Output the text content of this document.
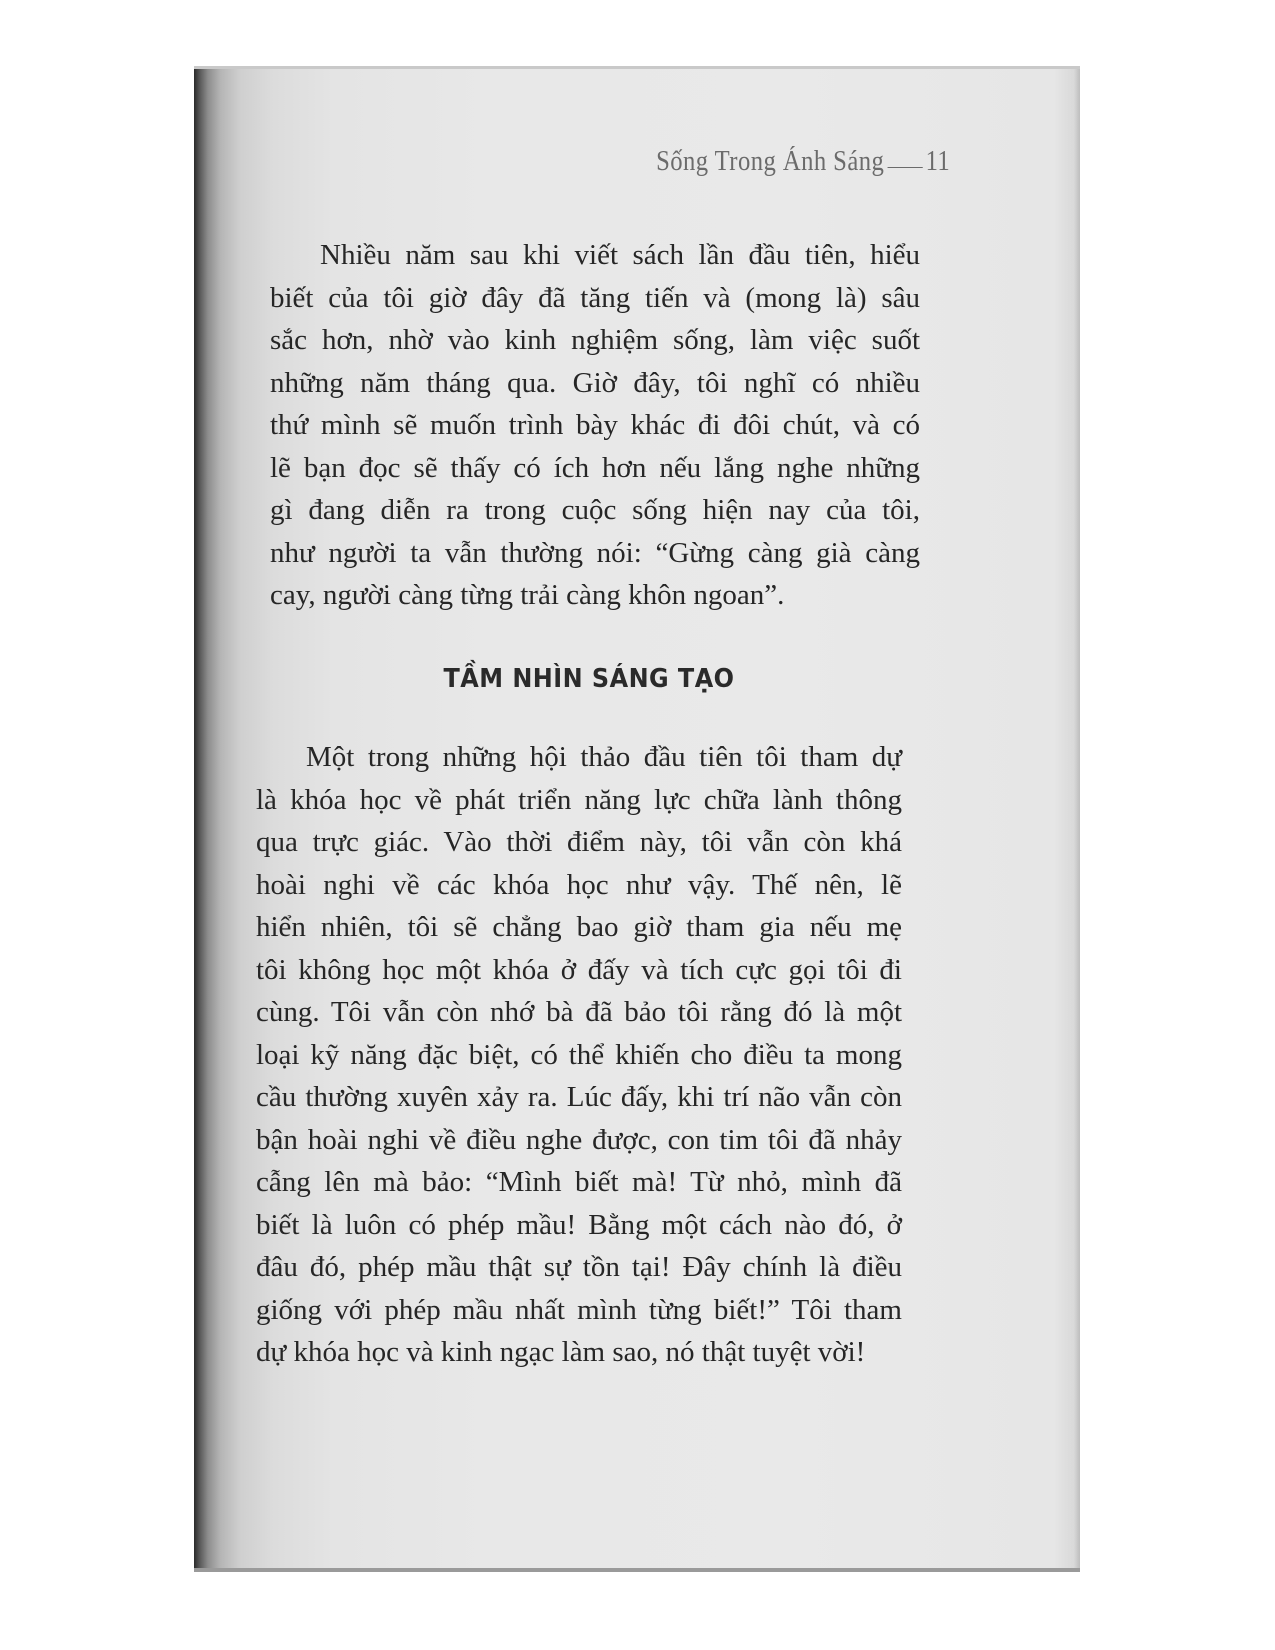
Sống Trong Ánh Sáng 11
Nhiều năm sau khi viết sách lần đầu tiên, hiểu
biết của tôi giờ đây đã tăng tiến và (mong là) sâu
sắc hơn, nhờ vào kinh nghiệm sống, làm việc suốt
những năm tháng qua. Giờ đây, tôi nghĩ có nhiều
thứ mình sẽ muốn trình bày khác đi đôi chút, và có
lẽ bạn đọc sẽ thấy có ích hơn nếu lắng nghe những
gì đang diễn ra trong cuộc sống hiện nay của tôi,
như người ta vẫn thường nói: “Gừng càng già càng
cay, người càng từng trải càng khôn ngoan”.
TẦM NHÌN SÁNG TẠO
Một trong những hội thảo đầu tiên tôi tham dự
là khóa học về phát triển năng lực chữa lành thông
qua trực giác. Vào thời điểm này, tôi vẫn còn khá
hoài nghi về các khóa học như vậy. Thế nên, lẽ
hiển nhiên, tôi sẽ chẳng bao giờ tham gia nếu mẹ
tôi không học một khóa ở đấy và tích cực gọi tôi đi
cùng. Tôi vẫn còn nhớ bà đã bảo tôi rằng đó là một
loại kỹ năng đặc biệt, có thể khiến cho điều ta mong
cầu thường xuyên xảy ra. Lúc đấy, khi trí não vẫn còn
bận hoài nghi về điều nghe được, con tim tôi đã nhảy
cẫng lên mà bảo: “Mình biết mà! Từ nhỏ, mình đã
biết là luôn có phép mầu! Bằng một cách nào đó, ở
đâu đó, phép mầu thật sự tồn tại! Đây chính là điều
giống với phép mầu nhất mình từng biết!” Tôi tham
dự khóa học và kinh ngạc làm sao, nó thật tuyệt vời!
